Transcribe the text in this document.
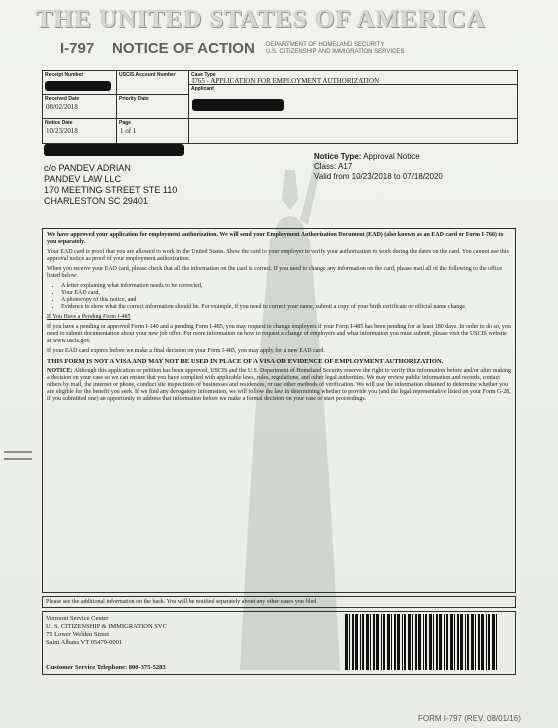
THE UNITED STATES OF AMERICA
I-797 NOTICE OF ACTION DEPARTMENT OF HOMELAND SECURITY
U.S. CITIZENSHIP AND IMMIGRATION SERVICES
Receipt Number	USCIS Account Number	Case Type
I765 - APPLICATION FOR EMPLOYMENT AUTHORIZATION
Received Date
08/02/2018
Priority Date
Applicant
Notice Date
10/23/2018
Page
1 of 1
c/o PANDEV ADRIAN
PANDEV LAW LLC
170 MEETING STREET STE 110
CHARLESTON SC 29401
Notice Type: Approval Notice
Class: A17
Valid from 10/23/2018 to 07/18/2020

We have approved your application for employment authorization. We will send your Employment Authorization Document (EAD) (also known as an EAD card or Form I-766) to you separately.

Your EAD card is proof that you are allowed to work in the United States. Show the card to your employer to verify your authorization to work during the dates on the card. You cannot use this approval notice as proof of your employment authorization.

When you receive your EAD card, please check that all the information on the card is correct. If you need to change any information on the card, please mail all of the following to the office listed below:

• A letter explaining what information needs to be corrected,
• Your EAD card,
• A photocopy of this notice, and
• Evidence to show what the correct information should be. For example, if you need to correct your name, submit a copy of your birth certificate or official name change.

If You Have a Pending Form I-485

If you have a pending or approved Form I-140 and a pending Form I-485, you may request to change employers if your Form I-485 has been pending for at least 180 days. In order to do so, you need to submit documentation about your new job offer. For more information on how to request a change of employers and what information you must submit, please visit the USCIS website at www.uscis.gov.

If your EAD card expires before we make a final decision on your Form I-485, you may apply for a new EAD card.

THIS FORM IS NOT A VISA AND MAY NOT BE USED IN PLACE OF A VISA OR EVIDENCE OF EMPLOYMENT AUTHORIZATION.

NOTICE: Although this application or petition has been approved, USCIS and the U.S. Department of Homeland Security reserve the right to verify this information before and/or after making a decision on your case so we can ensure that you have complied with applicable laws, rules, regulations, and other legal authorities. We may review public information and records, contact others by mail, the internet or phone, conduct site inspections of businesses and residences, or use other methods of verification. We will use the information obtained to determine whether you are eligible for the benefit you seek. If we find any derogatory information, we will follow the law in determining whether to provide you (and the legal representative listed on your Form G-28, if you submitted one) an opportunity to address that information before we make a formal decision on your case or start proceedings.

Please see the additional information on the back. You will be notified separately about any other cases you filed.
Vermont Service Center
U. S. CITIZENSHIP & IMMIGRATION SVC
75 Lower Welden Street
Saint Albans VT 05479-0001
Customer Service Telephone: 800-375-5283
FORM I-797 (REV. 08/01/16)
